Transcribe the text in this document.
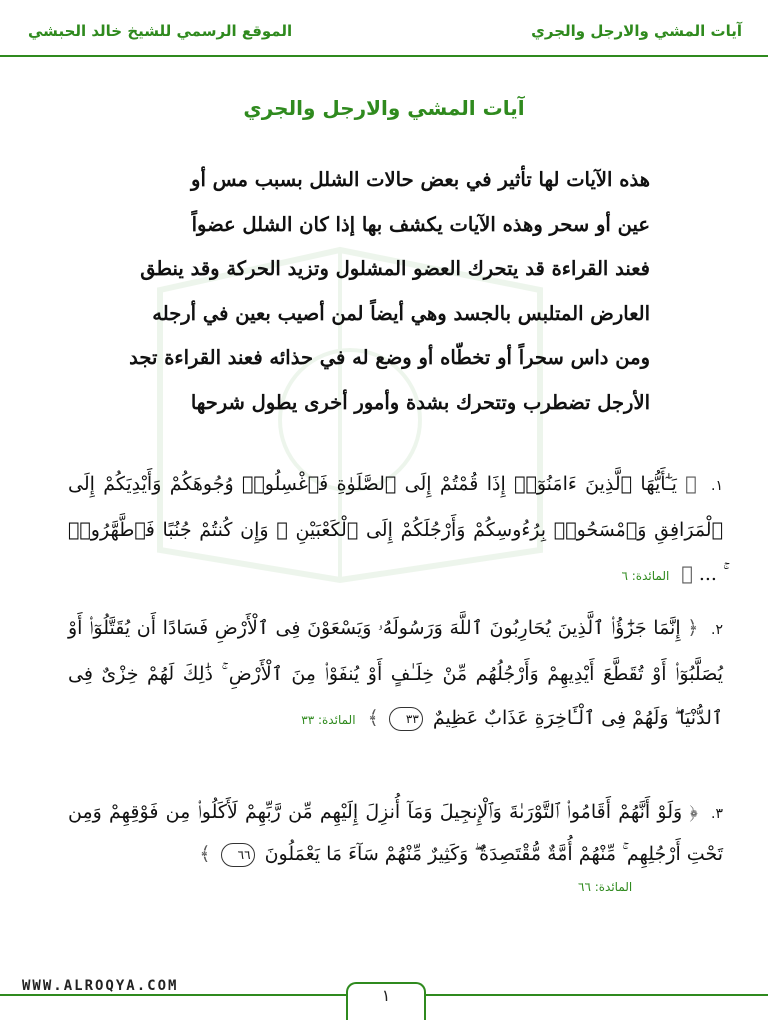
الموقع الرسمي للشيخ خالد الحبشي	آيات المشي والارجل والجري
آيات المشي والارجل والجري
هذه الآيات لها تأثير في بعض حالات الشلل بسبب مس أو
عين أو سحر وهذه الآيات يكشف بها إذا كان الشلل عضواً
فعند القراءة قد يتحرك العضو المشلول وتزيد الحركة وقد ينطق
العارض المتلبس بالجسد وهي أيضاً لمن أصيب بعين في أرجله
ومن داس سحراً أو تخطّاه أو وضع له في حذائه فعند القراءة تجد
الأرجل تضطرب وتتحرك بشدة وأمور أخرى يطول شرحها
١. ﴿ يَـٰٓأَيُّهَا ٱلَّذِينَ ءَامَنُوٓا۟ إِذَا قُمْتُمْ إِلَى ٱلصَّلَوٰةِ فَٱغْسِلُوا۟ وُجُوهَكُمْ وَأَيْدِيَكُمْ إِلَى ٱلْمَرَافِقِ وَٱمْسَحُوا۟ بِرُءُوسِكُمْ وَأَرْجُلَكُمْ إِلَى ٱلْكَعْبَيْنِ ۚ وَإِن كُنتُمْ جُنُبًا فَٱطَّهَّرُوا۟ ۚ ... ﴾ المائدة: ٦
٢. ﴿ إِنَّمَا جَزَٰٓؤُا۟ ٱلَّذِينَ يُحَارِبُونَ ٱللَّهَ وَرَسُولَهُۥ وَيَسْعَوْنَ فِى ٱلْأَرْضِ فَسَادًا أَن يُقَتَّلُوٓا۟ أَوْ يُصَلَّبُوٓا۟ أَوْ تُقَطَّعَ أَيْدِيهِمْ وَأَرْجُلُهُم مِّنْ خِلَـٰفٍ أَوْ يُنفَوْا۟ مِنَ ٱلْأَرْضِ ۚ ذَٰلِكَ لَهُمْ خِزْىٌ فِى ٱلدُّنْيَا ۖ وَلَهُمْ فِى ٱلْـَٔاخِرَةِ عَذَابٌ عَظِيمٌ ٣٣ ﴾ المائدة: ٣٣
٣. ﴿ وَلَوْ أَنَّهُمْ أَقَامُوا۟ ٱلتَّوْرَىٰةَ وَٱلْإِنجِيلَ وَمَآ أُنزِلَ إِلَيْهِم مِّن رَّبِّهِمْ لَأَكَلُوا۟ مِن فَوْقِهِمْ وَمِن تَحْتِ أَرْجُلِهِم ۚ مِّنْهُمْ أُمَّةٌ مُّقْتَصِدَةٌ ۖ وَكَثِيرٌ مِّنْهُمْ سَآءَ مَا يَعْمَلُونَ ٦٦ ﴾
المائدة: ٦٦
WWW.ALROQYA.COM	١
